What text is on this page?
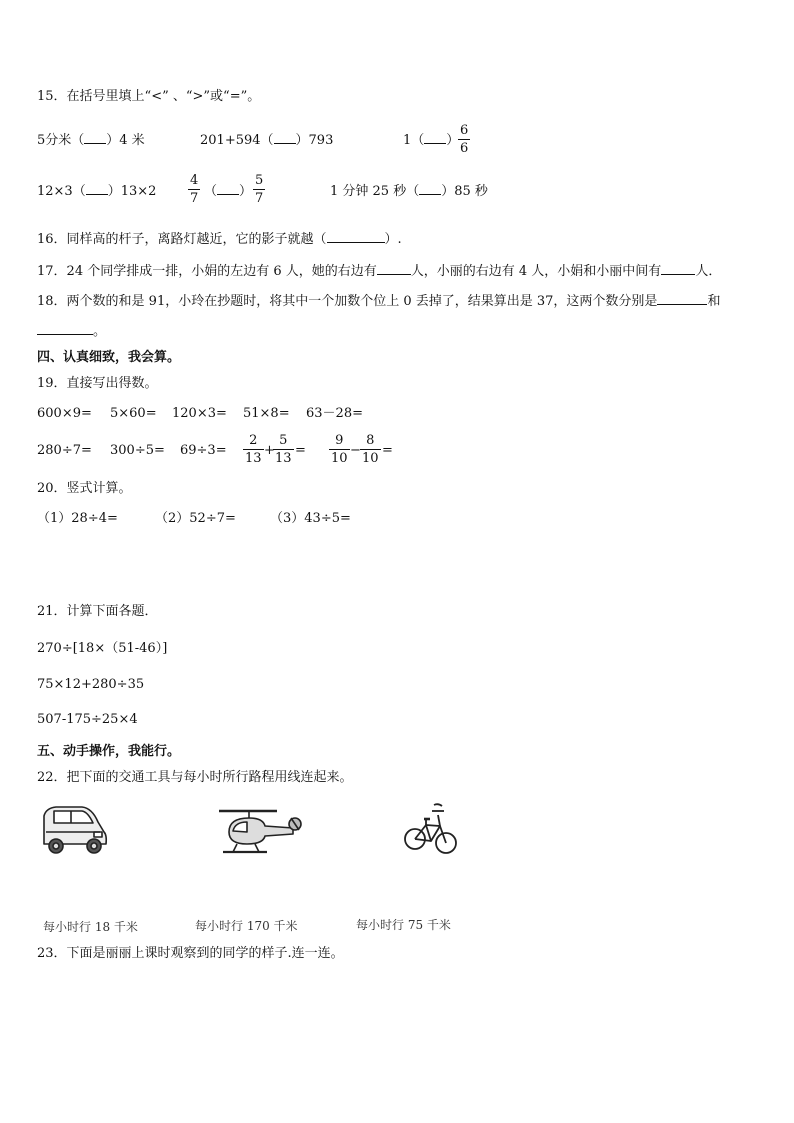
15．在括号里填上“<” 、“>”或“=”。
5分米（ ）4 米	201+594（ ）793	1（ ）
6
6
12×3（ ）13×2
4
7 （ ）
5
7	1 分钟 25 秒（ ）85 秒
16．同样高的杆子，离路灯越近，它的影子就越（	）.
17．24 个同学排成一排，小娟的左边有 6 人，她的右边有	人，小丽的右边有 4 人，小娟和小丽中间有	人．
18．两个数的和是 91，小玲在抄题时，将其中一个加数个位上 0 丢掉了，结果算出是 37，这两个数分别是	和
。
四、认真细致，我会算。
19．直接写出得数。
600×9= 5×60= 120×3= 51×8= 63－28=
280÷7= 300÷5= 69÷3=
2
13
+
5
13
=
9
10
−
8
10
=
20．竖式计算。
（1）28÷4=	（2）52÷7=	（3）43÷5=
21．计算下面各题．
270÷[18×（51-46）]
75×12+280÷35
507-175÷25×4
五、动手操作，我能行。
22．把下面的交通工具与每小时所行路程用线连起来。
每小时行 18 千米	每小时行 170 千米	每小时行 75 千米
23．下面是丽丽上课时观察到的同学的样子.连一连。
